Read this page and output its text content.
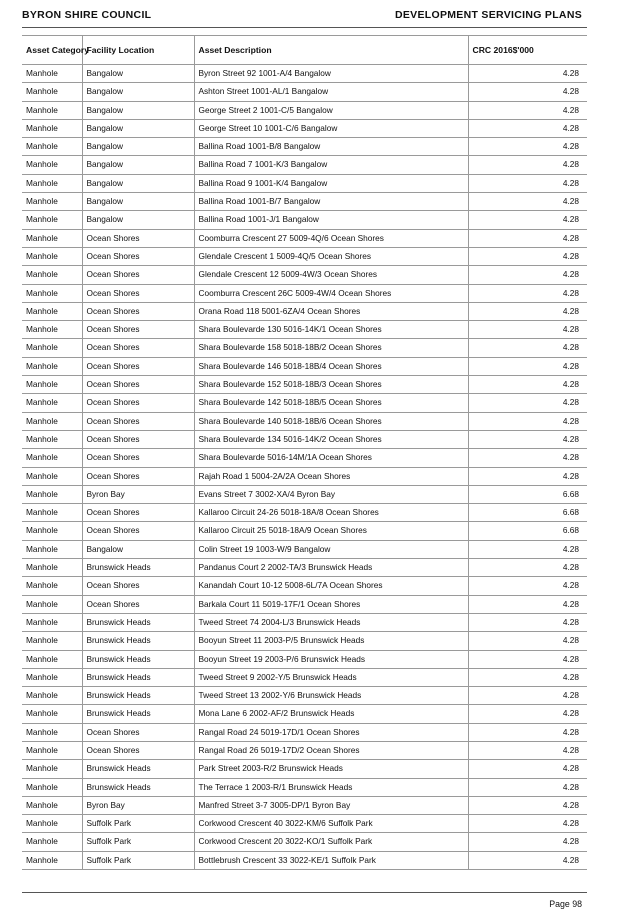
BYRON SHIRE COUNCIL	DEVELOPMENT SERVICING PLANS
Asset Category	Facility Location	Asset Description	CRC 2016$'000
Manhole	Bangalow	Byron Street 92 1001-A/4 Bangalow	4.28
Manhole	Bangalow	Ashton Street 1001-AL/1 Bangalow	4.28
Manhole	Bangalow	George Street 2 1001-C/5 Bangalow	4.28
Manhole	Bangalow	George Street 10 1001-C/6 Bangalow	4.28
Manhole	Bangalow	Ballina Road 1001-B/8 Bangalow	4.28
Manhole	Bangalow	Ballina Road 7 1001-K/3 Bangalow	4.28
Manhole	Bangalow	Ballina Road 9 1001-K/4 Bangalow	4.28
Manhole	Bangalow	Ballina Road 1001-B/7 Bangalow	4.28
Manhole	Bangalow	Ballina Road 1001-J/1 Bangalow	4.28
Manhole	Ocean Shores	Coomburra Crescent 27 5009-4Q/6 Ocean Shores	4.28
Manhole	Ocean Shores	Glendale Crescent 1 5009-4Q/5 Ocean Shores	4.28
Manhole	Ocean Shores	Glendale Crescent 12 5009-4W/3 Ocean Shores	4.28
Manhole	Ocean Shores	Coomburra Crescent 26C 5009-4W/4 Ocean Shores	4.28
Manhole	Ocean Shores	Orana Road 118 5001-6ZA/4 Ocean Shores	4.28
Manhole	Ocean Shores	Shara Boulevarde 130 5016-14K/1 Ocean Shores	4.28
Manhole	Ocean Shores	Shara Boulevarde 158 5018-18B/2 Ocean Shores	4.28
Manhole	Ocean Shores	Shara Boulevarde 146 5018-18B/4 Ocean Shores	4.28
Manhole	Ocean Shores	Shara Boulevarde 152 5018-18B/3 Ocean Shores	4.28
Manhole	Ocean Shores	Shara Boulevarde 142 5018-18B/5 Ocean Shores	4.28
Manhole	Ocean Shores	Shara Boulevarde 140 5018-18B/6 Ocean Shores	4.28
Manhole	Ocean Shores	Shara Boulevarde 134 5016-14K/2 Ocean Shores	4.28
Manhole	Ocean Shores	Shara Boulevarde 5016-14M/1A Ocean Shores	4.28
Manhole	Ocean Shores	Rajah Road 1 5004-2A/2A Ocean Shores	4.28
Manhole	Byron Bay	Evans Street 7 3002-XA/4 Byron Bay	6.68
Manhole	Ocean Shores	Kallaroo Circuit 24-26 5018-18A/8 Ocean Shores	6.68
Manhole	Ocean Shores	Kallaroo Circuit 25 5018-18A/9 Ocean Shores	6.68
Manhole	Bangalow	Colin Street 19 1003-W/9 Bangalow	4.28
Manhole	Brunswick Heads	Pandanus Court 2 2002-TA/3 Brunswick Heads	4.28
Manhole	Ocean Shores	Kanandah Court 10-12 5008-6L/7A Ocean Shores	4.28
Manhole	Ocean Shores	Barkala Court 11 5019-17F/1 Ocean Shores	4.28
Manhole	Brunswick Heads	Tweed Street 74 2004-L/3 Brunswick Heads	4.28
Manhole	Brunswick Heads	Booyun Street 11 2003-P/5 Brunswick Heads	4.28
Manhole	Brunswick Heads	Booyun Street 19 2003-P/6 Brunswick Heads	4.28
Manhole	Brunswick Heads	Tweed Street 9 2002-Y/5 Brunswick Heads	4.28
Manhole	Brunswick Heads	Tweed Street 13 2002-Y/6 Brunswick Heads	4.28
Manhole	Brunswick Heads	Mona Lane 6 2002-AF/2 Brunswick Heads	4.28
Manhole	Ocean Shores	Rangal Road 24 5019-17D/1 Ocean Shores	4.28
Manhole	Ocean Shores	Rangal Road 26 5019-17D/2 Ocean Shores	4.28
Manhole	Brunswick Heads	Park Street 2003-R/2 Brunswick Heads	4.28
Manhole	Brunswick Heads	The Terrace 1 2003-R/1 Brunswick Heads	4.28
Manhole	Byron Bay	Manfred Street 3-7 3005-DP/1 Byron Bay	4.28
Manhole	Suffolk Park	Corkwood Crescent 40 3022-KM/6 Suffolk Park	4.28
Manhole	Suffolk Park	Corkwood Crescent 20 3022-KO/1 Suffolk Park	4.28
Manhole	Suffolk Park	Bottlebrush Crescent 33 3022-KE/1 Suffolk Park	4.28
Page 98
